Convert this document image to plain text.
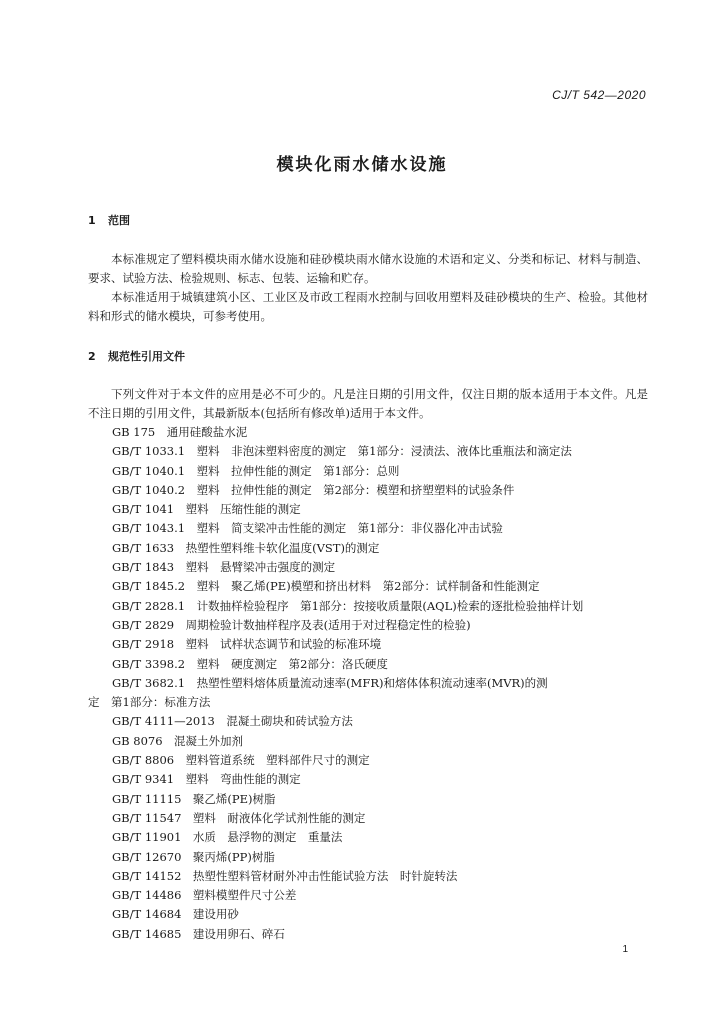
CJ/T 542—2020
模块化雨水储水设施
1 范围

本标准规定了塑料模块雨水储水设施和硅砂模块雨水储水设施的术语和定义、分类和标记、材料与制造、要求、试验方法、检验规则、标志、包装、运输和贮存。

本标准适用于城镇建筑小区、工业区及市政工程雨水控制与回收用塑料及硅砂模块的生产、检验。其他材料和形式的储水模块，可参考使用。

2 规范性引用文件

下列文件对于本文件的应用是必不可少的。凡是注日期的引用文件，仅注日期的版本适用于本文件。凡是不注日期的引用文件，其最新版本(包括所有修改单)适用于本文件。

GB 175　通用硅酸盐水泥
GB/T 1033.1　塑料　非泡沫塑料密度的测定　第1部分：浸渍法、液体比重瓶法和滴定法
GB/T 1040.1　塑料　拉伸性能的测定　第1部分：总则
GB/T 1040.2　塑料　拉伸性能的测定　第2部分：模塑和挤塑塑料的试验条件
GB/T 1041　塑料　压缩性能的测定
GB/T 1043.1　塑料　简支梁冲击性能的测定　第1部分：非仪器化冲击试验
GB/T 1633　热塑性塑料维卡软化温度(VST)的测定
GB/T 1843　塑料　悬臂梁冲击强度的测定
GB/T 1845.2　塑料　聚乙烯(PE)模塑和挤出材料　第2部分：试样制备和性能测定
GB/T 2828.1　计数抽样检验程序　第1部分：按接收质量限(AQL)检索的逐批检验抽样计划
GB/T 2829　周期检验计数抽样程序及表(适用于对过程稳定性的检验)
GB/T 2918　塑料　试样状态调节和试验的标准环境
GB/T 3398.2　塑料　硬度测定　第2部分：洛氏硬度
GB/T 3682.1　热塑性塑料熔体质量流动速率(MFR)和熔体体积流动速率(MVR)的测
定　第1部分：标准方法
GB/T 4111—2013　混凝土砌块和砖试验方法
GB 8076　混凝土外加剂
GB/T 8806　塑料管道系统　塑料部件尺寸的测定
GB/T 9341　塑料　弯曲性能的测定
GB/T 11115　聚乙烯(PE)树脂
GB/T 11547　塑料　耐液体化学试剂性能的测定
GB/T 11901　水质　悬浮物的测定　重量法
GB/T 12670　聚丙烯(PP)树脂
GB/T 14152　热塑性塑料管材耐外冲击性能试验方法　时针旋转法
GB/T 14486　塑料模塑件尺寸公差
GB/T 14684　建设用砂
GB/T 14685　建设用卵石、碎石
1
